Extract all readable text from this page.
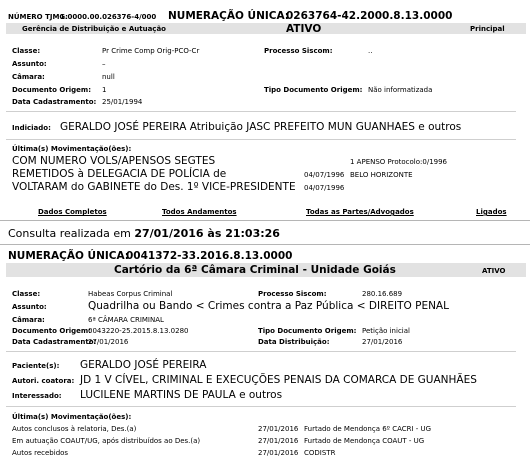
NÚMERO TJMG:
1.0000.00.026376-4/000 NUMERAÇÃO ÚNICA:
0263764-42.2000.8.13.0000
Gerência de Distribuição e Autuação	ATIVO	Principal
Classe:	Pr Crime Comp Orig-PCO-Cr	Processo Siscom:	..
Assunto:	–
Câmara:	null
Documento Origem: 1	Tipo Documento Origem: Não informatizada
Data Cadastramento: 25/01/1994
Indiciado: GERALDO JOSÉ PEREIRA Atribuição JASC PREFEITO MUN GUANHAES e outros
Última(s) Movimentação(ões):
COM NUMERO VOLS/APENSOS SEGTES	1 APENSO Protocolo:0/1996
REMETIDOS à DELEGACIA DE POLÍCIA de	04/07/1996 BELO HORIZONTE
VOLTARAM do GABINETE do Des. 1º VICE-PRESIDENTE 04/07/1996
Dados Completos	Todos Andamentos	Todas as Partes/Advogados	Ligados
Consulta realizada em 27/01/2016 às 21:03:26
NUMERAÇÃO ÚNICA:
0041372-33.2016.8.13.0000
Cartório da 6ª Câmara Criminal - Unidade Goiás	ATIVO
Classe:	Habeas Corpus Criminal	Processo Siscom:	280.16.689
Assunto:	Quadrilha ou Bando < Crimes contra a Paz Pública < DIREITO PENAL
Câmara:	6ª CÂMARA CRIMINAL
Documento Origem:
0043220-25.2015.8.13.0280	Tipo Documento Origem: Petição inicial
Data Cadastramento:
27/01/2016	Data Distribuição:	27/01/2016
Paciente(s): GERALDO JOSÉ PEREIRA
Autori. coatora: JD 1 V CÍVEL, CRIMINAL E EXECUÇÕES PENAIS DA COMARCA DE GUANHÃES
Interessado: LUCILENE MARTINS DE PAULA e outros
Última(s) Movimentação(ões):
Autos conclusos à relatoria, Des.(a)	27/01/2016 Furtado de Mendonça 6º CACRI - UG
Em autuação COAUT/UG, após distribuídos ao Des.(a)	27/01/2016 Furtado de Mendonça COAUT - UG
Autos recebidos	27/01/2016 CODISTR
